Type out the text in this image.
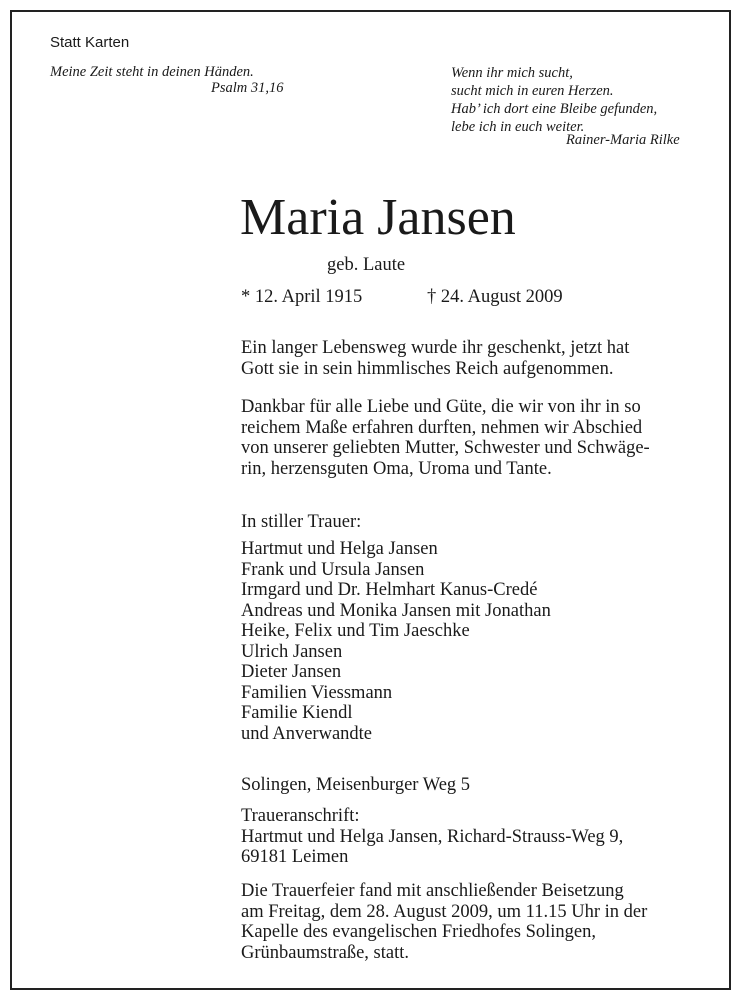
Statt Karten
Meine Zeit steht in deinen Händen.
Psalm 31,16
Wenn ihr mich sucht,
sucht mich in euren Herzen.
Hab’ ich dort eine Bleibe gefunden,
lebe ich in euch weiter.
Rainer-Maria Rilke
Maria Jansen
geb. Laute
* 12. April 1915	† 24. August 2009
Ein langer Lebensweg wurde ihr geschenkt, jetzt hat
Gott sie in sein himmlisches Reich aufgenommen.
Dankbar für alle Liebe und Güte, die wir von ihr in so
reichem Maße erfahren durften, nehmen wir Abschied
von unserer geliebten Mutter, Schwester und Schwäge-
rin, herzensguten Oma, Uroma und Tante.
In stiller Trauer:
Hartmut und Helga Jansen
Frank und Ursula Jansen
Irmgard und Dr. Helmhart Kanus-Credé
Andreas und Monika Jansen mit Jonathan
Heike, Felix und Tim Jaeschke
Ulrich Jansen
Dieter Jansen
Familien Viessmann
Familie Kiendl
und Anverwandte
Solingen, Meisenburger Weg 5
Traueranschrift:
Hartmut und Helga Jansen, Richard-Strauss-Weg 9,
69181 Leimen
Die Trauerfeier fand mit anschließender Beisetzung
am Freitag, dem 28. August 2009, um 11.15 Uhr in der
Kapelle des evangelischen Friedhofes Solingen,
Grünbaumstraße, statt.
